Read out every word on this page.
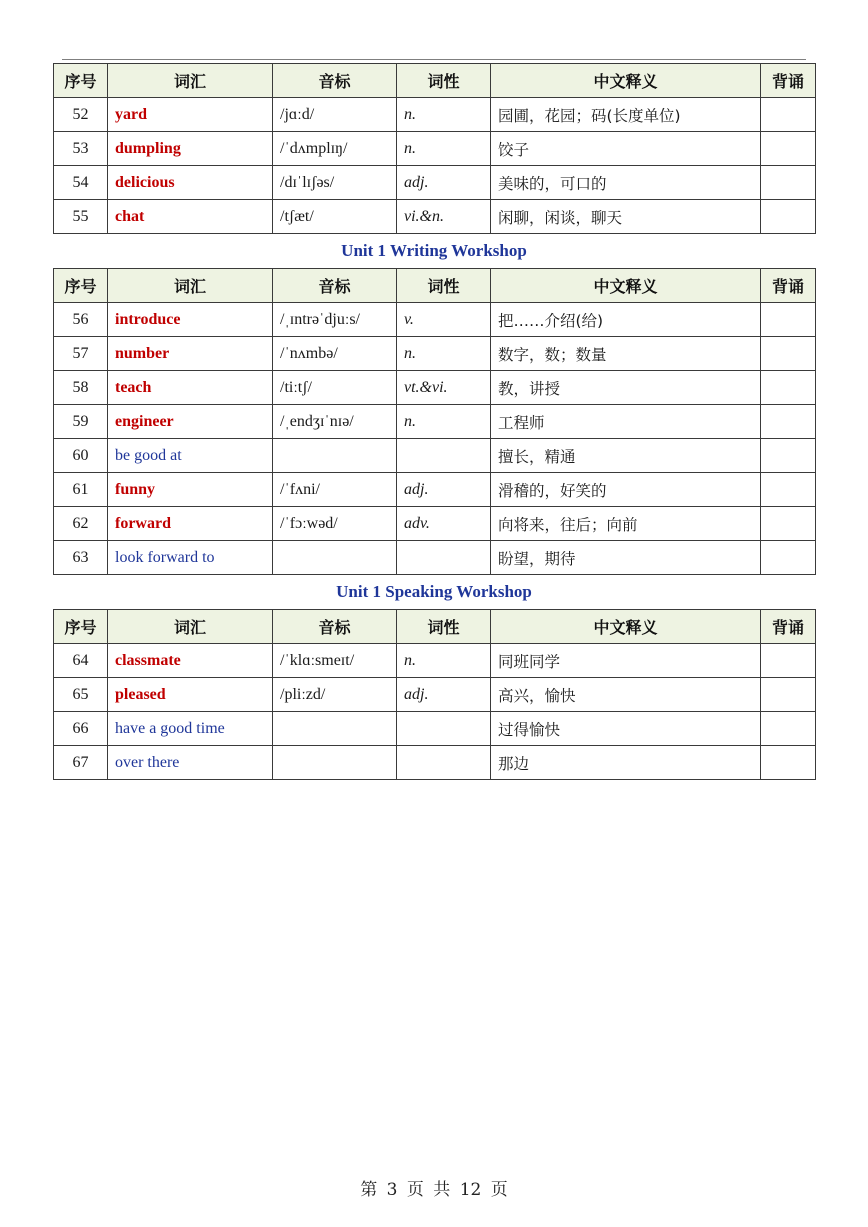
序号	词汇	音标	词性	中文释义	背诵
52	yard	/jɑːd/	n.	园圃，花园；码(长度单位)	
53	dumpling	/ˈdʌmplɪŋ/	n.	饺子	
54	delicious	/dɪˈlɪʃəs/	adj.	美味的，可口的	
55	chat	/tʃæt/	vi.&n.	闲聊，闲谈，聊天	
Unit 1 Writing Workshop
序号	词汇	音标	词性	中文释义	背诵
56	introduce	/ˌɪntrəˈdjuːs/	v.	把……介绍(给)	
57	number	/ˈnʌmbə/	n.	数字，数；数量	
58	teach	/tiːtʃ/	vt.&vi.	教，讲授	
59	engineer	/ˌendʒɪˈnɪə/	n.	工程师	
60	be good at			擅长，精通	
61	funny	/ˈfʌni/	adj.	滑稽的，好笑的	
62	forward	/ˈfɔːwəd/	adv.	向将来，往后；向前	
63	look forward to			盼望，期待	
Unit 1 Speaking Workshop
序号	词汇	音标	词性	中文释义	背诵
64	classmate	/ˈklɑːsmeɪt/	n.	同班同学	
65	pleased	/pliːzd/	adj.	高兴，愉快	
66	have a good time			过得愉快	
67	over there			那边	
第 3 页 共 12 页
